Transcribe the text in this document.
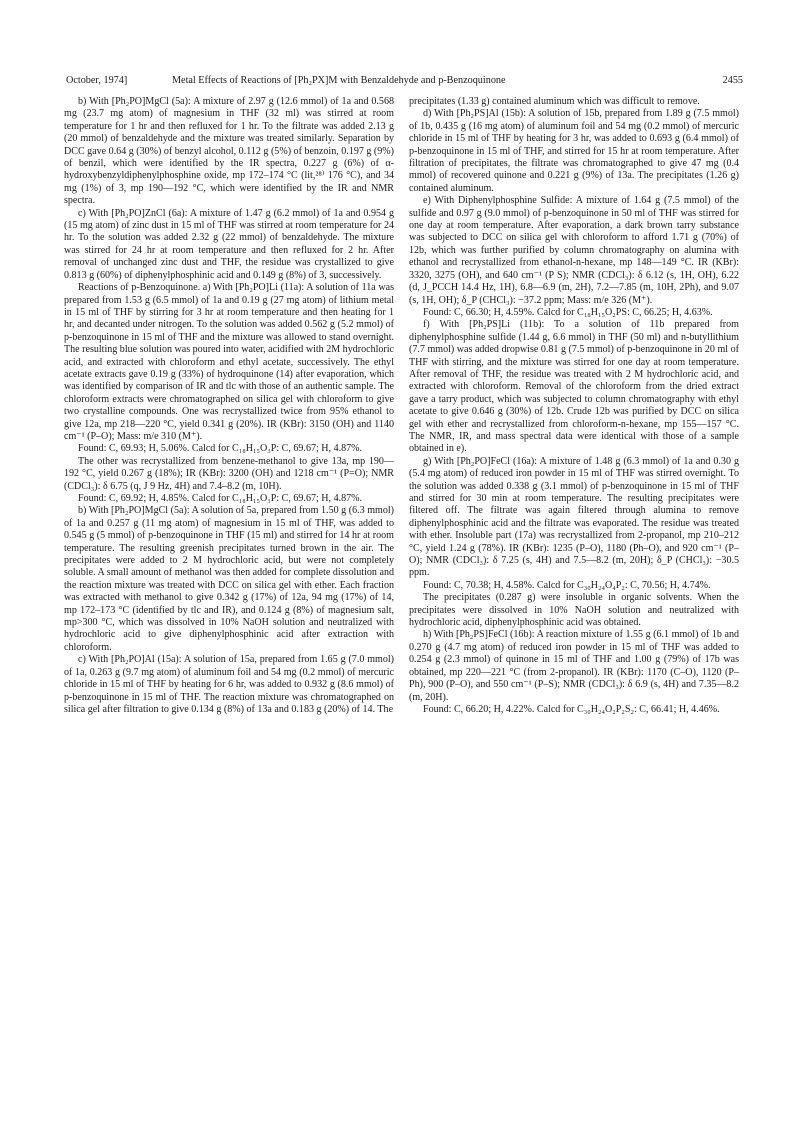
October, 1974]	Metal Effects of Reactions of [Ph₂PX]M with Benzaldehyde and p-Benzoquinone	2455

b) With [Ph₂PO]MgCl (5a): A mixture of 2.97 g (12.6 mmol) of 1a and 0.568 mg (23.7 mg atom) of magnesium in THF (32 ml) was stirred at room temperature for 1 hr and then refluxed for 1 hr. To the filtrate was added 2.13 g (20 mmol) of benzaldehyde and the mixture was treated similarly. Separation by DCC gave 0.64 g (30%) of benzyl alcohol, 0.112 g (5%) of benzoin, 0.197 g (9%) of benzil, which were identified by the IR spectra, 0.227 g (6%) of α-hydroxybenzyldiphenylphosphine oxide, mp 172–174 °C (lit,²⁸⁾ 176 °C), and 34 mg (1%) of 3, mp 190—192 °C, which were identified by the IR and NMR spectra.

c) With [Ph₂PO]ZnCl (6a): A mixture of 1.47 g (6.2 mmol) of 1a and 0.954 g (15 mg atom) of zinc dust in 15 ml of THF was stirred at room temperature for 24 hr. To the solution was added 2.32 g (22 mmol) of benzaldehyde. The mixture was stirred for 24 hr at room temperature and then refluxed for 2 hr. After removal of unchanged zinc dust and THF, the residue was crystallized to give 0.813 g (60%) of diphenylphosphinic acid and 0.149 g (8%) of 3, successively.

Reactions of p-Benzoquinone. a) With [Ph₂PO]Li (11a): A solution of 11a was prepared from 1.53 g (6.5 mmol) of 1a and 0.19 g (27 mg atom) of lithium metal in 15 ml of THF by stirring for 3 hr at room temperature and then heating for 1 hr, and decanted under nitrogen. To the solution was added 0.562 g (5.2 mmol) of p-benzoquinone in 15 ml of THF and the mixture was allowed to stand overnight. The resulting blue solution was poured into water, acidified with 2M hydrochloric acid, and extracted with chloroform and ethyl acetate, successively. The ethyl acetate extracts gave 0.19 g (33%) of hydroquinone (14) after evaporation, which was identified by comparison of IR and tlc with those of an authentic sample. The chloroform extracts were chromatographed on silica gel with chloroform to give two crystalline compounds. One was recrystallized twice from 95% ethanol to give 12a, mp 218—220 °C, yield 0.341 g (20%). IR (KBr): 3150 (OH) and 1140 cm⁻¹ (P–O); Mass: m/e 310 (M⁺).

Found: C, 69.93; H, 5.06%. Calcd for C₁₈H₁₅O₃P: C, 69.67; H, 4.87%.

The other was recrystallized from benzene-methanol to give 13a, mp 190—192 °C, yield 0.267 g (18%); IR (KBr): 3200 (OH) and 1218 cm⁻¹ (P=O); NMR (CDCl₃): δ 6.75 (q, J 9 Hz, 4H) and 7.4–8.2 (m, 10H).

Found: C, 69.92; H, 4.85%. Calcd for C₁₈H₁₅O₃P: C, 69.67; H, 4.87%.

b) With [Ph₂PO]MgCl (5a): A solution of 5a, prepared from 1.50 g (6.3 mmol) of 1a and 0.257 g (11 mg atom) of magnesium in 15 ml of THF, was added to 0.545 g (5 mmol) of p-benzoquinone in THF (15 ml) and stirred for 14 hr at room temperature. The resulting greenish precipitates turned brown in the air. The precipitates were added to 2 M hydrochloric acid, but were not completely soluble. A small amount of methanol was then added for complete dissolution and the reaction mixture was treated with DCC on silica gel with ether. Each fraction was extracted with methanol to give 0.342 g (17%) of 12a, 94 mg (17%) of 14, mp 172–173 °C (identified by tlc and IR), and 0.124 g (8%) of magnesium salt, mp>300 °C, which was dissolved in 10% NaOH solution and neutralized with hydrochloric acid to give diphenylphosphinic acid after extraction with chloroform.

c) With [Ph₂PO]Al (15a): A solution of 15a, prepared from 1.65 g (7.0 mmol) of 1a, 0.263 g (9.7 mg atom) of aluminum foil and 54 mg (0.2 mmol) of mercuric chloride in 15 ml of THF by heating for 6 hr, was added to 0.932 g (8.6 mmol) of p-benzoquinone in 15 ml of THF. The reaction mixture was chromatographed on silica gel after filtration to give 0.134 g (8%) of 13a and 0.183 g (20%) of 14. The

precipitates (1.33 g) contained aluminum which was difficult to remove.

d) With [Ph₂PS]Al (15b): A solution of 15b, prepared from 1.89 g (7.5 mmol) of 1b, 0.435 g (16 mg atom) of aluminum foil and 54 mg (0.2 mmol) of mercuric chloride in 15 ml of THF by heating for 3 hr, was added to 0.693 g (6.4 mmol) of p-benzoquinone in 15 ml of THF, and stirred for 15 hr at room temperature. After filtration of precipitates, the filtrate was chromatographed to give 47 mg (0.4 mmol) of recovered quinone and 0.221 g (9%) of 13a. The precipitates (1.26 g) contained aluminum.

e) With Diphenylphosphine Sulfide: A mixture of 1.64 g (7.5 mmol) of the sulfide and 0.97 g (9.0 mmol) of p-benzoquinone in 50 ml of THF was stirred for one day at room temperature. After evaporation, a dark brown tarry substance was subjected to DCC on silica gel with chloroform to afford 1.71 g (70%) of 12b, which was further purified by column chromatography on alumina with ethanol and recrystallized from ethanol-n-hexane, mp 148—149 °C. IR (KBr): 3320, 3275 (OH), and 640 cm⁻¹ (P S); NMR (CDCl₃): δ 6.12 (s, 1H, OH), 6.22 (d, J_PCCH 14.4 Hz, 1H), 6.8—6.9 (m, 2H), 7.2—7.85 (m, 10H, 2Ph), and 9.07 (s, 1H, OH); δ_P (CHCl₃): −37.2 ppm; Mass: m/e 326 (M⁺).

Found: C, 66.30; H, 4.59%. Calcd for C₁₈H₁₅O₂PS: C, 66.25; H, 4.63%.

f) With [Ph₂PS]Li (11b): To a solution of 11b prepared from diphenylphosphine sulfide (1.44 g, 6.6 mmol) in THF (50 ml) and n-butyllithium (7.7 mmol) was added dropwise 0.81 g (7.5 mmol) of p-benzoquinone in 20 ml of THF with stirring, and the mixture was stirred for one day at room temperature. After removal of THF, the residue was treated with 2 M hydrochloric acid, and extracted with chloroform. Removal of the chloroform from the dried extract gave a tarry product, which was subjected to column chromatography with ethyl acetate to give 0.646 g (30%) of 12b. Crude 12b was purified by DCC on silica gel with ether and recrystallized from chloroform-n-hexane, mp 155—157 °C. The NMR, IR, and mass spectral data were identical with those of a sample obtained in e).

g) With [Ph₂PO]FeCl (16a): A mixture of 1.48 g (6.3 mmol) of 1a and 0.30 g (5.4 mg atom) of reduced iron powder in 15 ml of THF was stirred overnight. To the solution was added 0.338 g (3.1 mmol) of p-benzoquinone in 15 ml of THF and stirred for 30 min at room temperature. The resulting precipitates were filtered off. The filtrate was again filtered through alumina to remove diphenylphosphinic acid and the filtrate was evaporated. The residue was treated with ether. Insoluble part (17a) was recrystallized from 2-propanol, mp 210–212 °C, yield 1.24 g (78%). IR (KBr): 1235 (P–O), 1180 (Ph–O), and 920 cm⁻¹ (P–O); NMR (CDCl₃): δ 7.25 (s, 4H) and 7.5—8.2 (m, 20H); δ_P (CHCl₃): −30.5 ppm.

Found: C, 70.38; H, 4.58%. Calcd for C₃₀H₂₄O₄P₂: C, 70.56; H, 4.74%.

The precipitates (0.287 g) were insoluble in organic solvents. When the precipitates were dissolved in 10% NaOH solution and neutralized with hydrochloric acid, diphenylphosphinic acid was obtained.

h) With [Ph₂PS]FeCl (16b): A reaction mixture of 1.55 g (6.1 mmol) of 1b and 0.270 g (4.7 mg atom) of reduced iron powder in 15 ml of THF was added to 0.254 g (2.3 mmol) of quinone in 15 ml of THF and 1.00 g (79%) of 17b was obtained, mp 220—221 °C (from 2-propanol). IR (KBr): 1170 (C–O), 1120 (P–Ph), 900 (P–O), and 550 cm⁻¹ (P–S); NMR (CDCl₃): δ 6.9 (s, 4H) and 7.35—8.2 (m, 20H).

Found: C, 66.20; H, 4.22%. Calcd for C₃₀H₂₄O₂P₂S₂: C, 66.41; H, 4.46%.
